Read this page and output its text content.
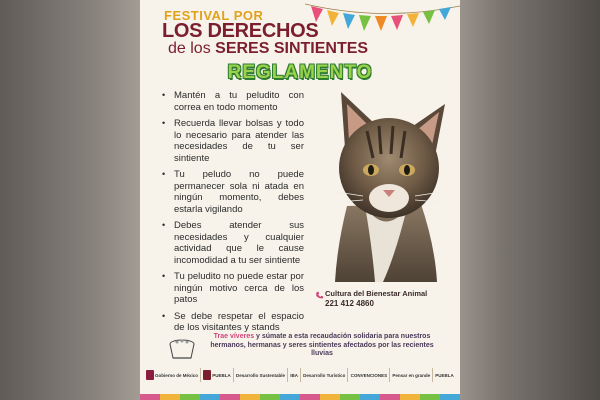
FESTIVAL POR
LOS DERECHOS
de los SERES SINTIENTES
REGLAMENTO
• Mantén a tu peludito con correa en todo momento
• Recuerda llevar bolsas y todo lo necesario para atender las necesidades de tu ser sintiente
• Tu peludo no puede permanecer sola ni atada en ningún momento, debes estarla vigilando
• Debes atender sus necesidades y cualquier actividad que le cause incomodidad a tu ser sintiente
• Tu peludito no puede estar por ningún motivo cerca de los patos
• Se debe respetar el espacio de los visitantes y stands
Cultura del Bienestar Animal
221 412 4860
Trae víveres y súmate a esta recaudación solidaria para nuestros hermanos, hermanas y seres sintientes afectados por las recientes lluvias
Gobierno de México	PUEBLA Desarrollo Sustentable IBA Desarrollo Turístico CONVENCIONES Pensar en grande PUEBLA
